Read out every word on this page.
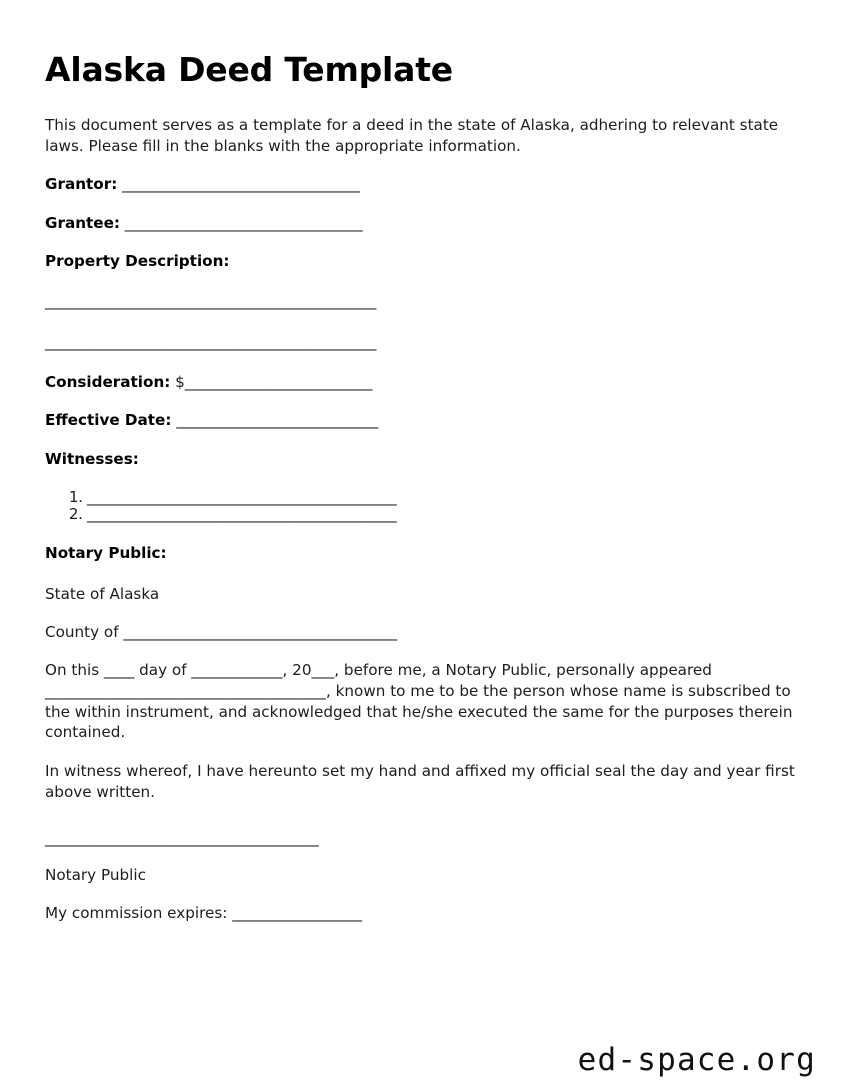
Alaska Deed Template

This document serves as a template for a deed in the state of Alaska, adhering to relevant state laws. Please fill in the blanks with the appropriate information.

Grantor: _________________________________
Grantee: _________________________________
Property Description:
______________________________________________
______________________________________________
Consideration: $__________________________
Effective Date: ____________________________
Witnesses:
1. ___________________________________________
2. ___________________________________________
Notary Public:
State of Alaska
County of ______________________________________

On this ____ day of ____________, 20___, before me, a Notary Public, personally appeared _____________________________________, known to me to be the person whose name is subscribed to the within instrument, and acknowledged that he/she executed the same for the purposes therein contained.

In witness whereof, I have hereunto set my hand and affixed my official seal the day and year first above written.

______________________________________
Notary Public
My commission expires: __________________
ed-space.org
